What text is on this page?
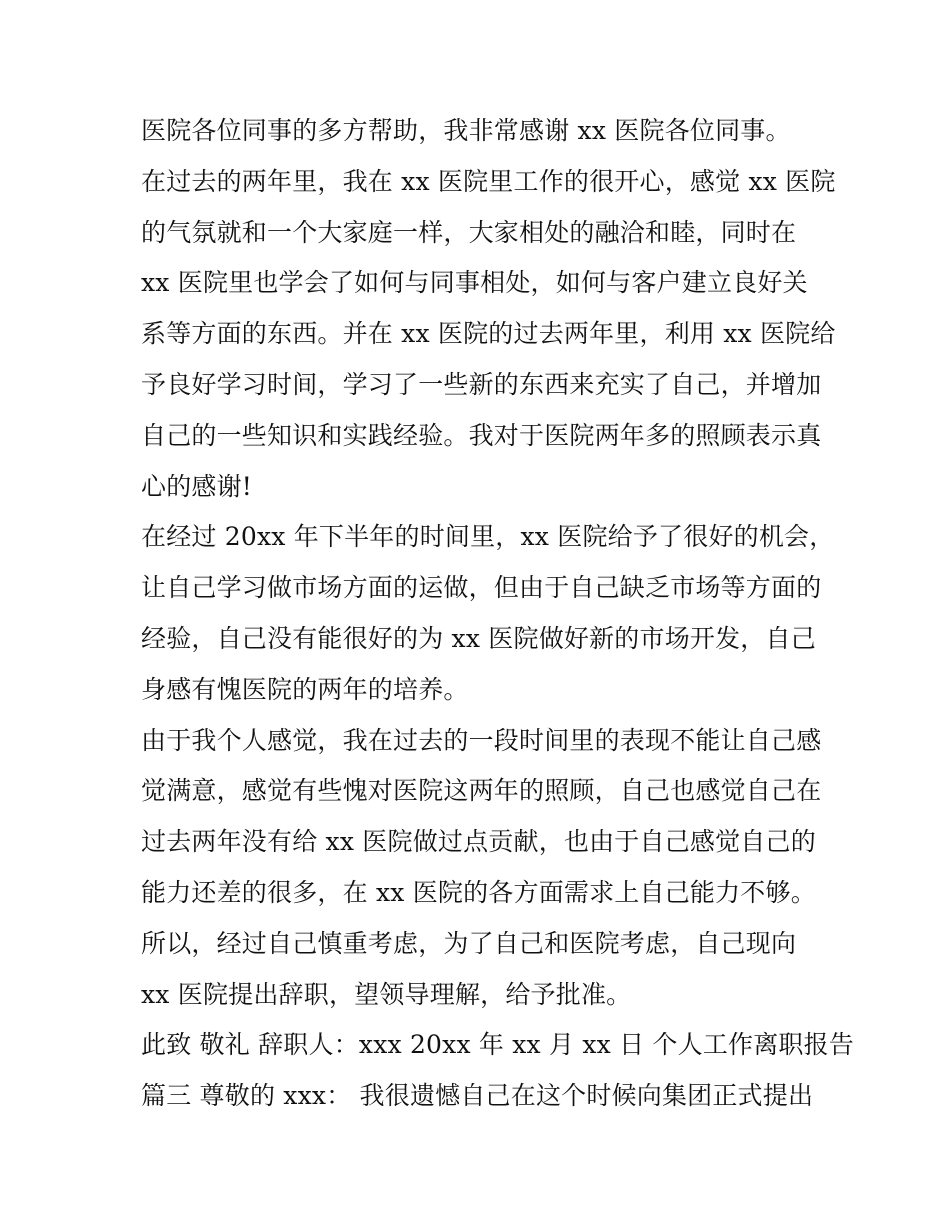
医院各位同事的多方帮助，我非常感谢 xx 医院各位同事。
在过去的两年里，我在 xx 医院里工作的很开心，感觉 xx 医院
的气氛就和一个大家庭一样，大家相处的融洽和睦，同时在
xx 医院里也学会了如何与同事相处，如何与客户建立良好关
系等方面的东西。并在 xx 医院的过去两年里，利用 xx 医院给
予良好学习时间，学习了一些新的东西来充实了自己，并增加
自己的一些知识和实践经验。我对于医院两年多的照顾表示真
心的感谢!
在经过 20xx 年下半年的时间里，xx 医院给予了很好的机会，
让自己学习做市场方面的运做，但由于自己缺乏市场等方面的
经验，自己没有能很好的为 xx 医院做好新的市场开发，自己
身感有愧医院的两年的培养。
由于我个人感觉，我在过去的一段时间里的表现不能让自己感
觉满意，感觉有些愧对医院这两年的照顾，自己也感觉自己在
过去两年没有给 xx 医院做过点贡献，也由于自己感觉自己的
能力还差的很多，在 xx 医院的各方面需求上自己能力不够。
所以，经过自己慎重考虑，为了自己和医院考虑，自己现向
xx 医院提出辞职，望领导理解，给予批准。
此致 敬礼 辞职人：xxx 20xx 年 xx 月 xx 日 个人工作离职报告
篇三 尊敬的 xxx： 我很遗憾自己在这个时候向集团正式提出
